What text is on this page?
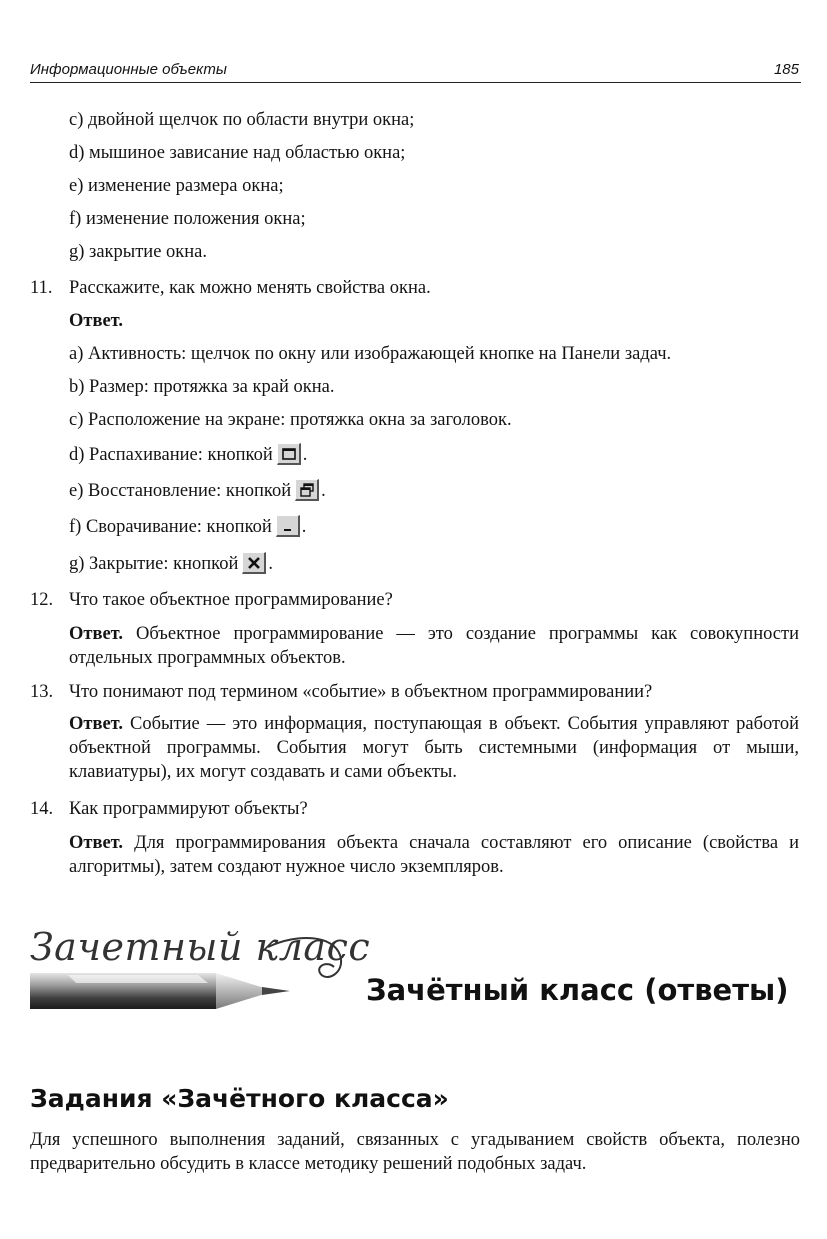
Информационные объекты	185
c) двойной щелчок по области внутри окна;
d) мышиное зависание над областью окна;
e) изменение размера окна;
f) изменение положения окна;
g) закрытие окна.
11. Расскажите, как можно менять свойства окна.
Ответ.
a) Активность: щелчок по окну или изображающей кнопке на Панели задач.
b) Размер: протяжка за край окна.
c) Расположение на экране: протяжка окна за заголовок.
d) Распахивание: кнопкой .
e) Восстановление: кнопкой .
f) Сворачивание: кнопкой .
g) Закрытие: кнопкой .
12. Что такое объектное программирование?
Ответ. Объектное программирование — это создание программы как совокупности отдельных программных объектов.
13. Что понимают под термином «событие» в объектном программировании?
Ответ. Событие — это информация, поступающая в объект. События управляют работой объектной программы. События могут быть системными (информация от мыши, клавиатуры), их могут создавать и сами объекты.
14. Как программируют объекты?
Ответ. Для программирования объекта сначала составляют его описание (свойства и алгоритмы), затем создают нужное число экземпляров.
Зачетный класс
Зачётный класс (ответы)
Задания «Зачётного класса»
Для успешного выполнения заданий, связанных с угадыванием свойств объекта, полезно предварительно обсудить в классе методику решений подобных задач.
